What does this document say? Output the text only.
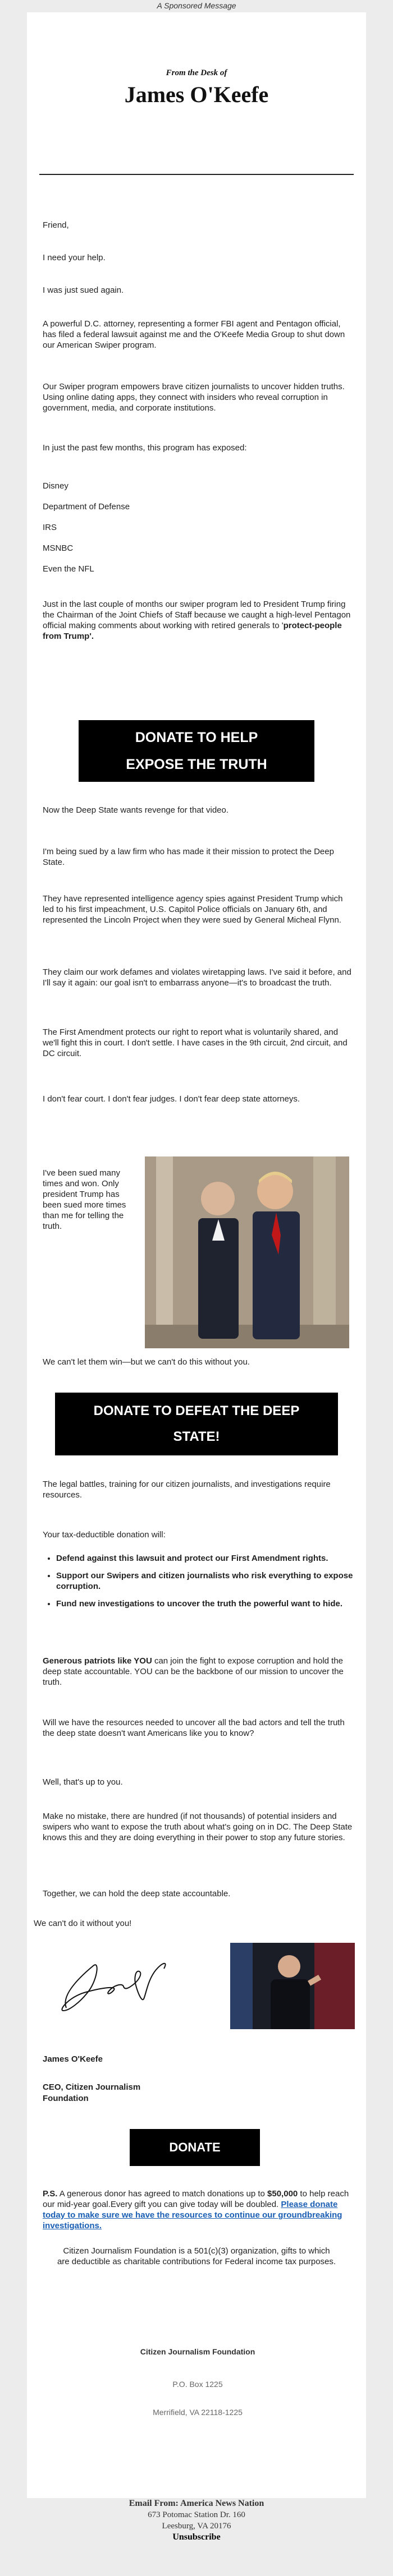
A Sponsored Message
From the Desk of
James O'Keefe

Friend,

I need your help.

I was just sued again.

A powerful D.C. attorney, representing a former FBI agent and Pentagon official, has filed a federal lawsuit against me and the O'Keefe Media Group to shut down our American Swiper program.

Our Swiper program empowers brave citizen journalists to uncover hidden truths. Using online dating apps, they connect with insiders who reveal corruption in government, media, and corporate institutions.

In just the past few months, this program has exposed:

Disney

Department of Defense

IRS

MSNBC

Even the NFL

Just in the last couple of months our swiper program led to President Trump firing the Chairman of the Joint Chiefs of Staff because we caught a high-level Pentagon official making comments about working with retired generals to 'protect-people from Trump'.

DONATE TO HELP
EXPOSE THE TRUTH

Now the Deep State wants revenge for that video.

I'm being sued by a law firm who has made it their mission to protect the Deep State.

They have represented intelligence agency spies against President Trump which led to his first impeachment, U.S. Capitol Police officials on January 6th, and represented the Lincoln Project when they were sued by General Micheal Flynn.

They claim our work defames and violates wiretapping laws. I've said it before, and I'll say it again: our goal isn't to embarrass anyone—it's to broadcast the truth.

The First Amendment protects our right to report what is voluntarily shared, and we'll fight this in court. I don't settle. I have cases in the 9th circuit, 2nd circuit, and DC circuit.

I don't fear court. I don't fear judges. I don't fear deep state attorneys.

I've been sued many times and won. Only president Trump has been sued more times than me for telling the truth.

We can't let them win—but we can't do this without you.

DONATE TO DEFEAT THE DEEP
STATE!

The legal battles, training for our citizen journalists, and investigations require resources.

Your tax-deductible donation will:

• Defend against this lawsuit and protect our First Amendment rights.
• Support our Swipers and citizen journalists who risk everything to expose corruption.
• Fund new investigations to uncover the truth the powerful want to hide.

Generous patriots like YOU can join the fight to expose corruption and hold the deep state accountable. YOU can be the backbone of our mission to uncover the truth.

Will we have the resources needed to uncover all the bad actors and tell the truth the deep state doesn't want Americans like you to know?

Well, that's up to you.

Make no mistake, there are hundred (if not thousands) of potential insiders and swipers who want to expose the truth about what's going on in DC. The Deep State knows this and they are doing everything in their power to stop any future stories.

Together, we can hold the deep state accountable.

We can't do it without you!

James O'Keefe

CEO, Citizen Journalism

Foundation

DONATE

P.S. A generous donor has agreed to match donations up to $50,000 to help reach our mid-year goal.Every gift you can give today will be doubled. Please donate today to make sure we have the resources to continue our groundbreaking investigations.

Citizen Journalism Foundation is a 501(c)(3) organization, gifts to which are deductible as charitable contributions for Federal income tax purposes.

Citizen Journalism Foundation

P.O. Box 1225

Merrifield, VA 22118-1225

Email From: America News Nation
673 Potomac Station Dr. 160
Leesburg, VA 20176
Unsubscribe
